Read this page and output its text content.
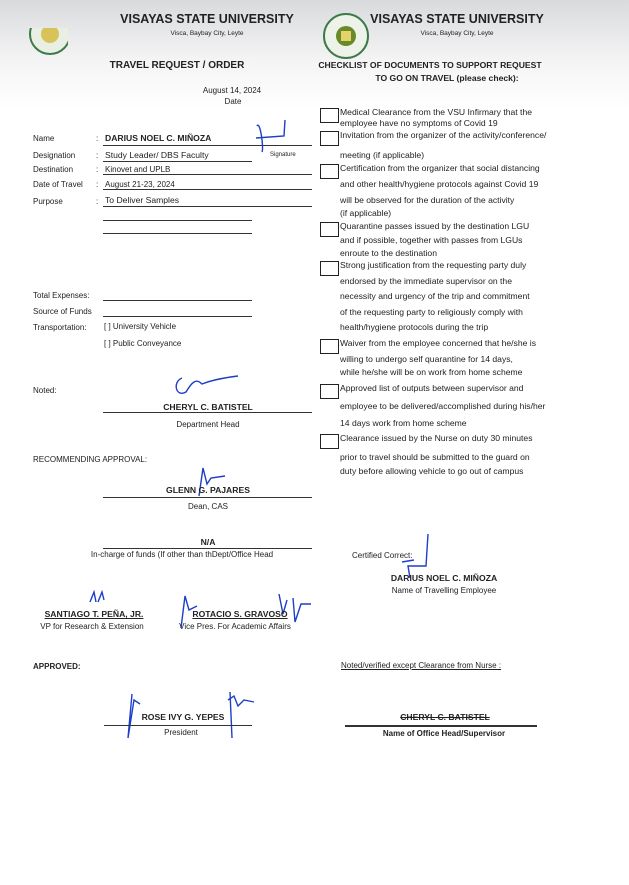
VISAYAS STATE UNIVERSITY
Visca, Baybay City, Leyte
VISAYAS STATE UNIVERSITY
Visca, Baybay City, Leyte
TRAVEL REQUEST / ORDER	CHECKLIST OF DOCUMENTS TO SUPPORT REQUEST
TO GO ON TRAVEL (please check):
August 14, 2024
Date
Name
Designation
Destination
Date of Travel
Purpose
:
:
:
:
:
DARIUS NOEL C. MIÑOZA
Study Leader/ DBS Faculty
Kinovet and UPLB
August 21-23, 2024
To Deliver Samples
Signature
Total Expenses:
Source of Funds
Transportation: [ ] University Vehicle
[ ] Public Conveyance
Noted:
CHERYL C. BATISTEL
Department Head
RECOMMENDING APPROVAL:
GLENN G. PAJARES
Dean, CAS
N/A
In-charge of funds (If other than thDept/Office Head
SANTIAGO T. PEÑA, JR.
VP for Research & Extension
ROTACIO S. GRAVOSO
Vice Pres. For Academic Affairs
APPROVED:
ROSE IVY G. YEPES
President
Medical Clearance from the VSU Infirmary that the
employee have no symptoms of Covid 19
Invitation from the organizer of the activity/conference/
meeting (if applicable)
Certification from the organizer that social distancing
and other health/hygiene protocols against Covid 19
will be observed for the duration of the activity
(if applicable)
Quarantine passes issued by the destination LGU
and if possible, together with passes from LGUs
enroute to the destination
Strong justification from the requesting party duly
endorsed by the immediate supervisor on the
necessity and urgency of the trip and commitment
of the requesting party to religiously comply with
health/hygiene protocols during the trip
Waiver from the employee concerned that he/she is
willing to undergo self quarantine for 14 days,
while he/she will be on work from home scheme
Approved list of outputs between supervisor and
employee to be delivered/accomplished during his/her
14 days work from home scheme
Clearance issued by the Nurse on duty 30 minutes
prior to travel should be submitted to the guard on
duty before allowing vehicle to go out of campus
Certified Correct:
DARIUS NOEL C. MIÑOZA
Name of Travelling Employee
Noted/verified except Clearance from Nurse :
CHERYL C. BATISTEL
Name of Office Head/Supervisor
